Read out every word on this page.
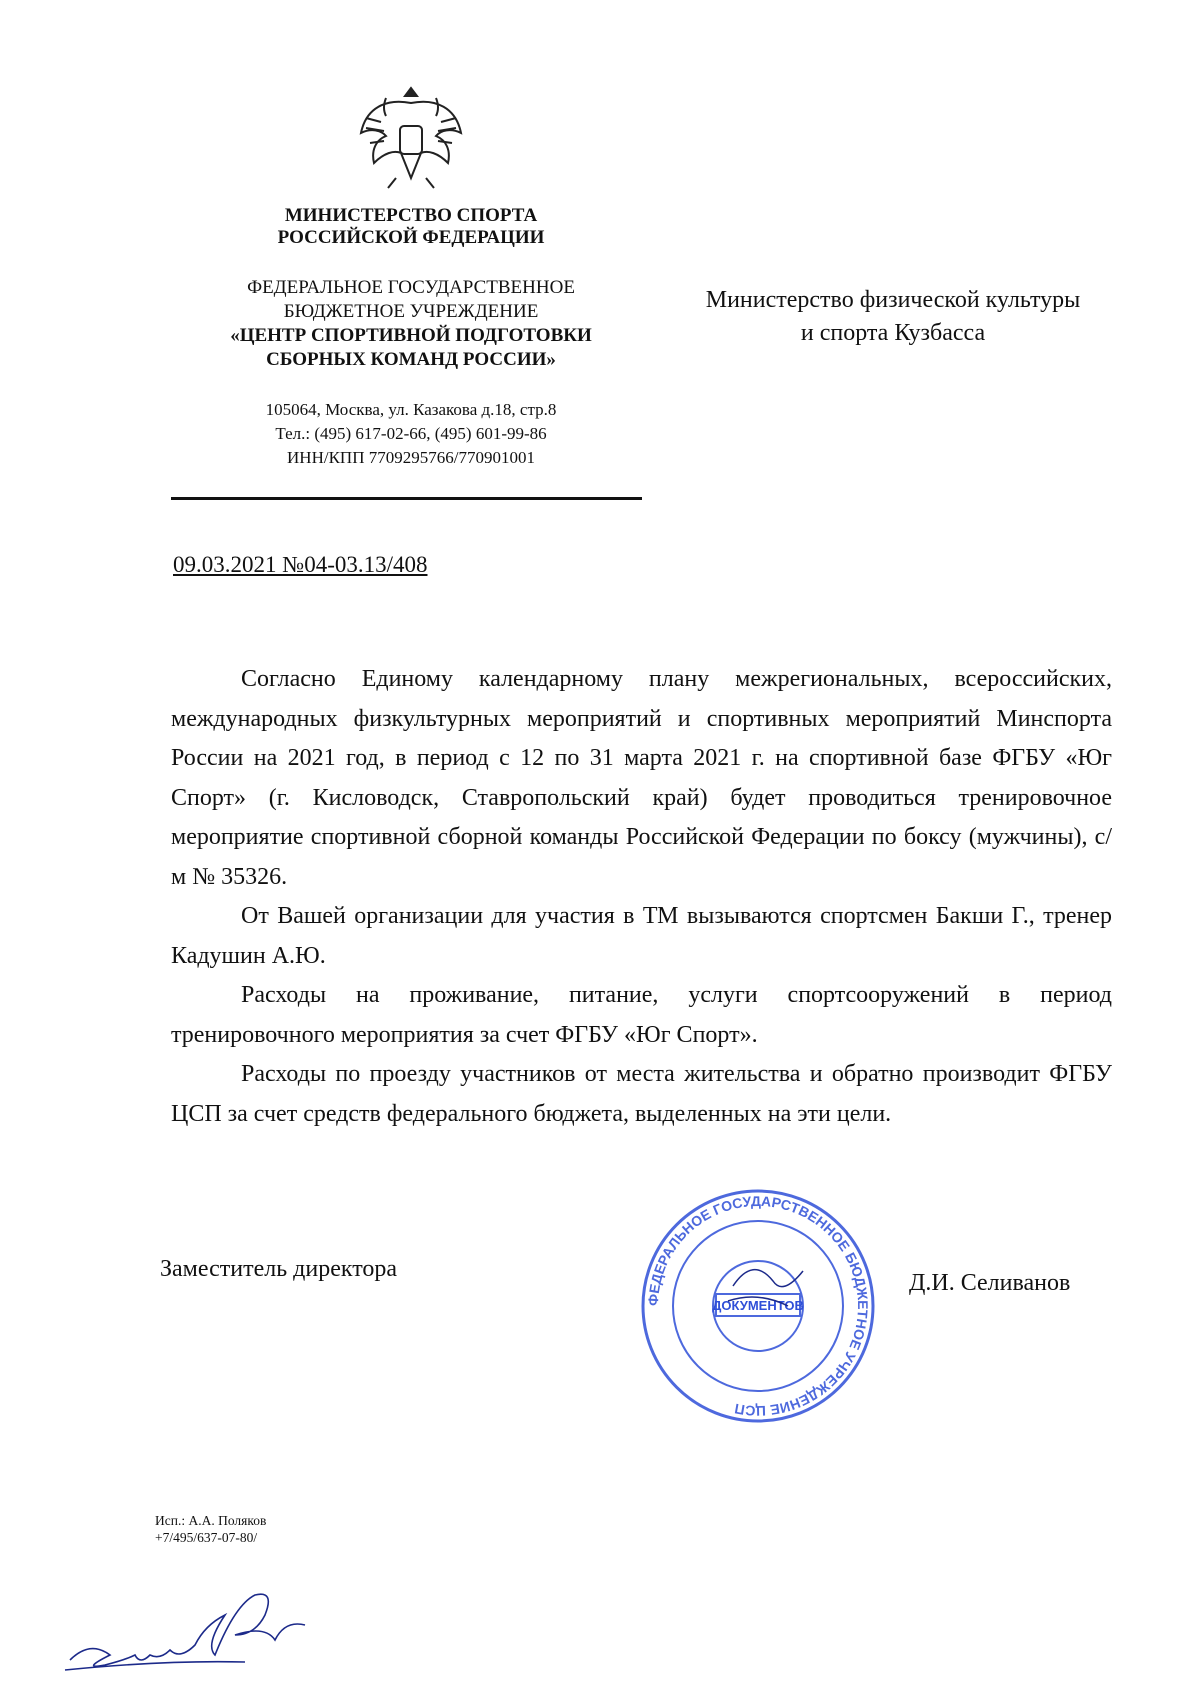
МИНИСТЕРСТВО СПОРТА
РОССИЙСКОЙ ФЕДЕРАЦИИ
ФЕДЕРАЛЬНОЕ ГОСУДАРСТВЕННОЕ
БЮДЖЕТНОЕ УЧРЕЖДЕНИЕ
«ЦЕНТР СПОРТИВНОЙ ПОДГОТОВКИ
СБОРНЫХ КОМАНД РОССИИ»
105064, Москва, ул. Казакова д.18, стр.8
Тел.: (495) 617-02-66, (495) 601-99-86
ИНН/КПП 7709295766/770901001
Министерство физической культуры
и спорта Кузбасса
09.03.2021 №04-03.13/408

Согласно Единому календарному плану межрегиональных, всероссийских, международных физкультурных мероприятий и спортивных мероприятий Минспорта России на 2021 год, в период с 12 по 31 марта 2021 г. на спортивной базе ФГБУ «Юг Спорт» (г. Кисловодск, Ставропольский край) будет проводиться тренировочное мероприятие спортивной сборной команды Российской Федерации по боксу (мужчины), с/м № 35326.

От Вашей организации для участия в ТМ вызываются спортсмен Бакши Г., тренер Кадушин А.Ю.

Расходы на проживание, питание, услуги спортсооружений в период тренировочного мероприятия за счет ФГБУ «Юг Спорт».

Расходы по проезду участников от места жительства и обратно производит ФГБУ ЦСП за счет средств федерального бюджета, выделенных на эти цели.

Заместитель директора
ФЕДЕРАЛЬНОЕ ГОСУДАРСТВЕННОЕ БЮДЖЕТНОЕ УЧРЕЖДЕНИЕ ЦСП
ДОКУМЕНТОВ
Д.И. Селиванов
Исп.: А.А. Поляков
+7/495/637-07-80/
